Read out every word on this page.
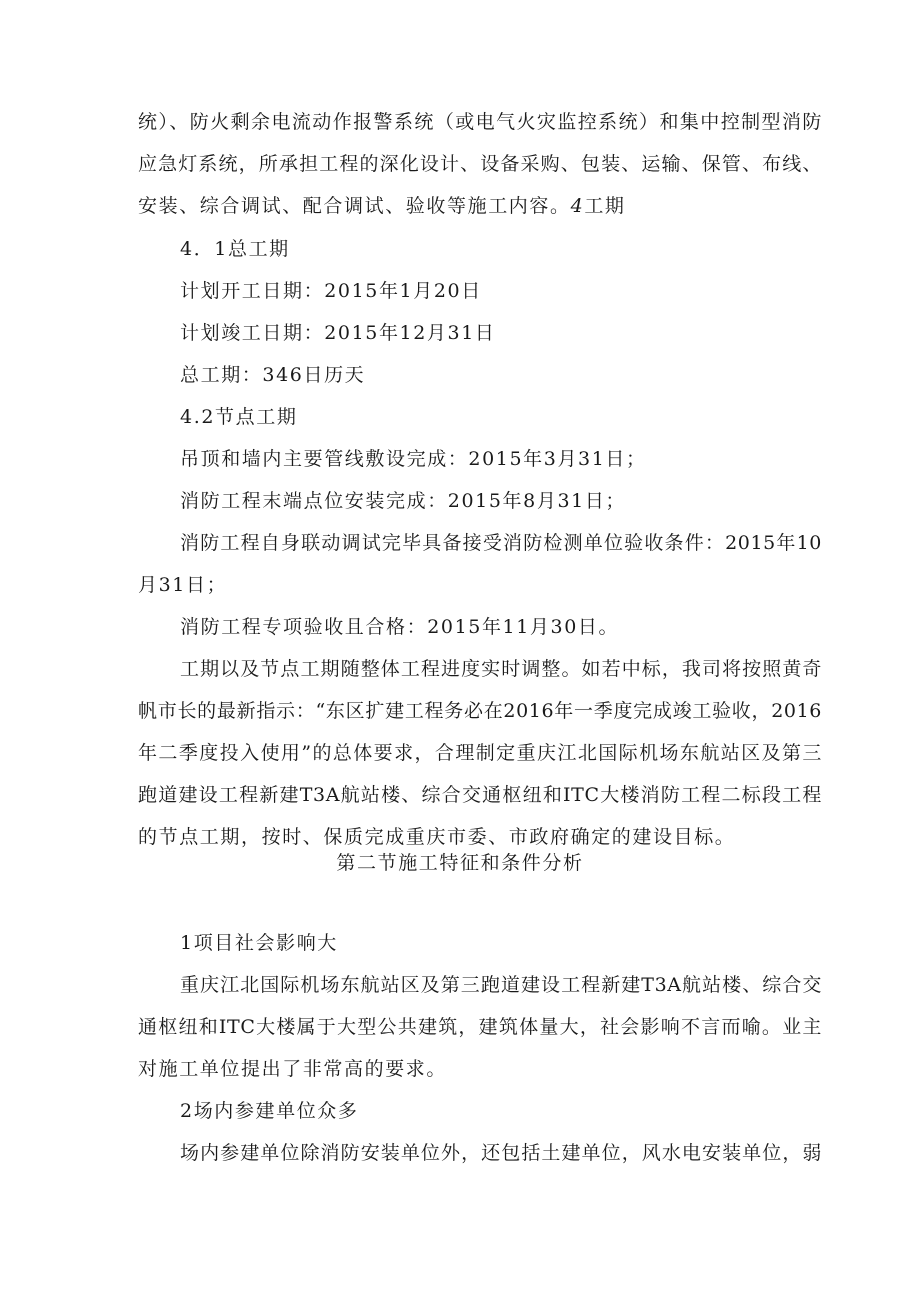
统）、防火剩余电流动作报警系统（或电气火灾监控系统）和集中控制型消防
应急灯系统，所承担工程的深化设计、设备采购、包装、运输、保管、布线、
安装、综合调试、配合调试、验收等施工内容。4工期
4．1总工期
计划开工日期：2015年1月20日
计划竣工日期：2015年12月31日
总工期：346日历天
4.2节点工期
吊顶和墙内主要管线敷设完成：2015年3月31日；
消防工程末端点位安装完成：2015年8月31日；
消防工程自身联动调试完毕具备接受消防检测单位验收条件：2015年10
月31日；
消防工程专项验收且合格：2015年11月30日。
工期以及节点工期随整体工程进度实时调整。如若中标，我司将按照黄奇
帆市长的最新指示：“东区扩建工程务必在2016年一季度完成竣工验收，2016
年二季度投入使用”的总体要求，合理制定重庆江北国际机场东航站区及第三
跑道建设工程新建T3A航站楼、综合交通枢纽和ITC大楼消防工程二标段工程
的节点工期，按时、保质完成重庆市委、市政府确定的建设目标。
第二节施工特征和条件分析
1项目社会影响大
重庆江北国际机场东航站区及第三跑道建设工程新建T3A航站楼、综合交
通枢纽和ITC大楼属于大型公共建筑，建筑体量大，社会影响不言而喻。业主
对施工单位提出了非常高的要求。
2场内参建单位众多
场内参建单位除消防安装单位外，还包括土建单位，风水电安装单位，弱
